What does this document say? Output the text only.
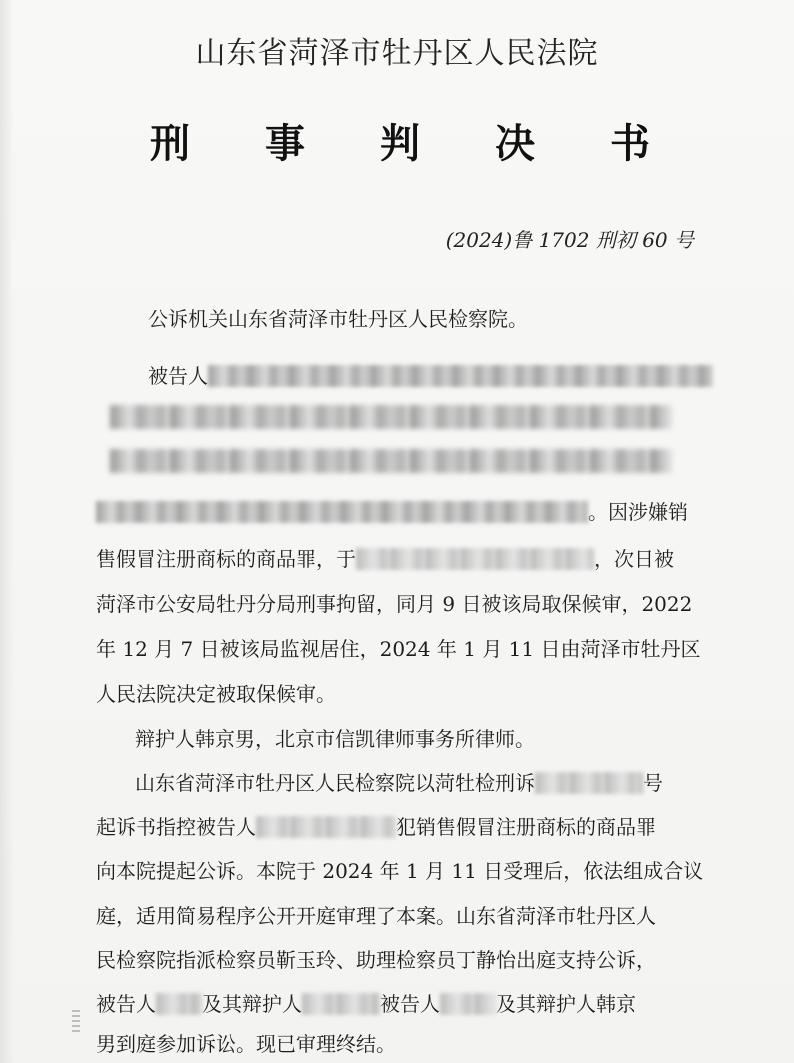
山东省菏泽市牡丹区人民法院
刑 事 判 决 书
(2024)鲁 1702 刑初 60 号
公诉机关山东省菏泽市牡丹区人民检察院。
被告人
。因涉嫌销
售假冒注册商标的商品罪，于	，次日被
菏泽市公安局牡丹分局刑事拘留，同月 9 日被该局取保候审，2022
年 12 月 7 日被该局监视居住，2024 年 1 月 11 日由菏泽市牡丹区
人民法院决定被取保候审。
辩护人韩京男，北京市信凯律师事务所律师。
山东省菏泽市牡丹区人民检察院以菏牡检刑诉	号
起诉书指控被告人	犯销售假冒注册商标的商品罪
向本院提起公诉。本院于 2024 年 1 月 11 日受理后，依法组成合议
庭，适用简易程序公开开庭审理了本案。山东省菏泽市牡丹区人
民检察院指派检察员靳玉玲、助理检察员丁静怡出庭支持公诉，
被告人 及其辩护人	被告人	及其辩护人韩京
男到庭参加诉讼。现已审理终结。
